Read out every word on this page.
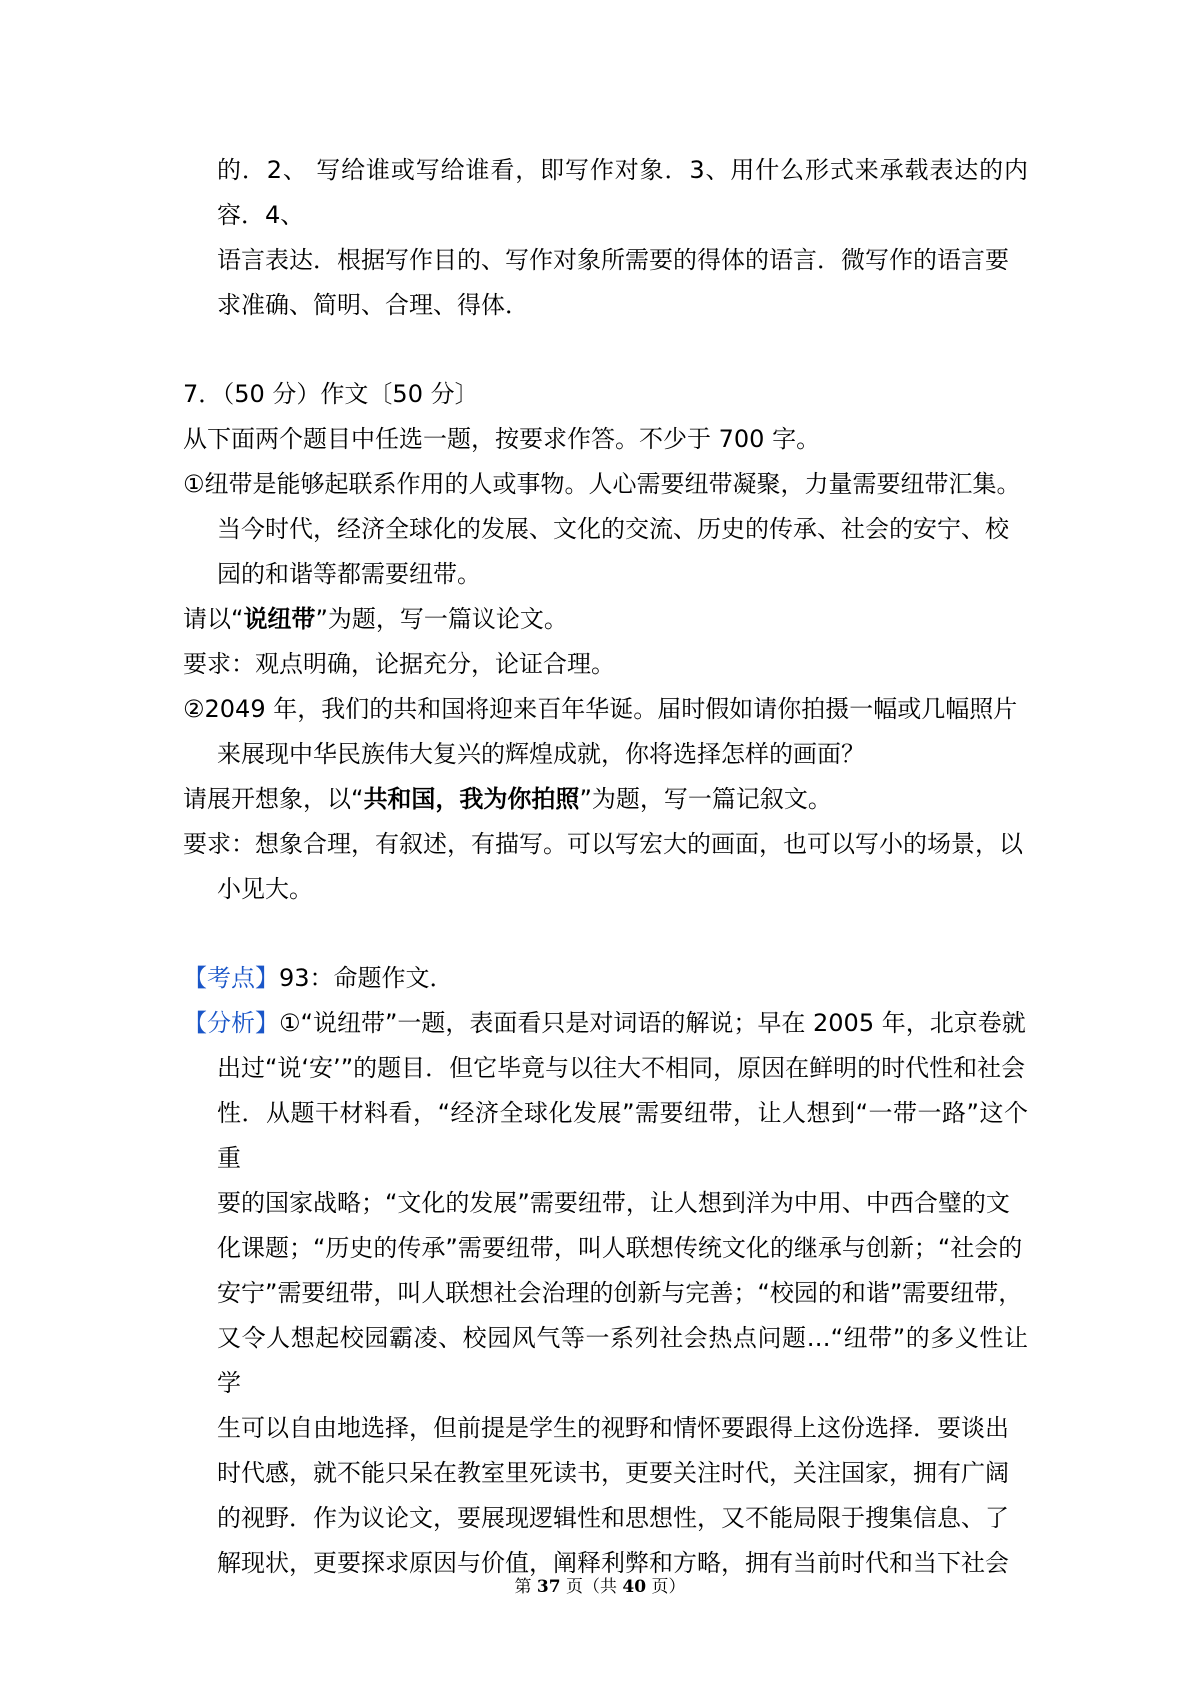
的．2、 写给谁或写给谁看，即写作对象．3、用什么形式来承载表达的内容．4、

语言表达．根据写作目的、写作对象所需要的得体的语言．微写作的语言要

求准确、简明、合理、得体．

7．（50 分）作文〔50 分〕

从下面两个题目中任选一题，按要求作答。不少于 700 字。

①纽带是能够起联系作用的人或事物。人心需要纽带凝聚，力量需要纽带汇集。

当今时代，经济全球化的发展、文化的交流、历史的传承、社会的安宁、校

园的和谐等都需要纽带。

请以“说纽带”为题，写一篇议论文。

要求：观点明确，论据充分，论证合理。

②2049 年，我们的共和国将迎来百年华诞。届时假如请你拍摄一幅或几幅照片

来展现中华民族伟大复兴的辉煌成就，你将选择怎样的画面？

请展开想象，以“共和国，我为你拍照”为题，写一篇记叙文。

要求：想象合理，有叙述，有描写。可以写宏大的画面，也可以写小的场景，以

小见大。

【考点】93：命题作文．

【分析】①“说纽带”一题，表面看只是对词语的解说；早在 2005 年，北京卷就

出过“说‘安’”的题目．但它毕竟与以往大不相同，原因在鲜明的时代性和社会

性．从题干材料看，“经济全球化发展”需要纽带，让人想到“一带一路”这个重

要的国家战略；“文化的发展”需要纽带，让人想到洋为中用、中西合璧的文

化课题；“历史的传承”需要纽带，叫人联想传统文化的继承与创新；“社会的

安宁”需要纽带，叫人联想社会治理的创新与完善；“校园的和谐”需要纽带，

又令人想起校园霸凌、校园风气等一系列社会热点问题…“纽带”的多义性让学

生可以自由地选择，但前提是学生的视野和情怀要跟得上这份选择．要谈出

时代感，就不能只呆在教室里死读书，更要关注时代，关注国家，拥有广阔

的视野．作为议论文，要展现逻辑性和思想性，又不能局限于搜集信息、了

解现状，更要探求原因与价值，阐释利弊和方略，拥有当前时代和当下社会

第 37 页（共 40 页）
